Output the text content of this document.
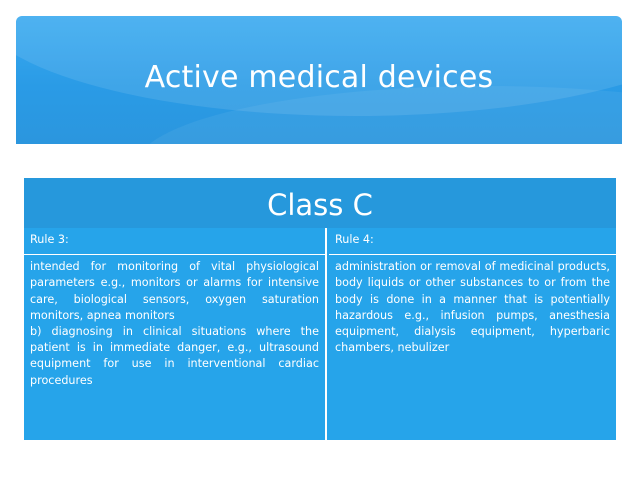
Active medical devices
Class C
Rule 3:

intended for monitoring of vital physiological parameters e.g., monitors or alarms for intensive care, biological sensors, oxygen saturation monitors, apnea monitors

b) diagnosing in clinical situations where the patient is in immediate danger, e.g., ultrasound equipment for use in interventional cardiac procedures

Rule 4:

administration or removal of medicinal products, body liquids or other substances to or from the body is done in a manner that is potentially hazardous e.g., infusion pumps, anesthesia equipment, dialysis equipment, hyperbaric chambers, nebulizer
